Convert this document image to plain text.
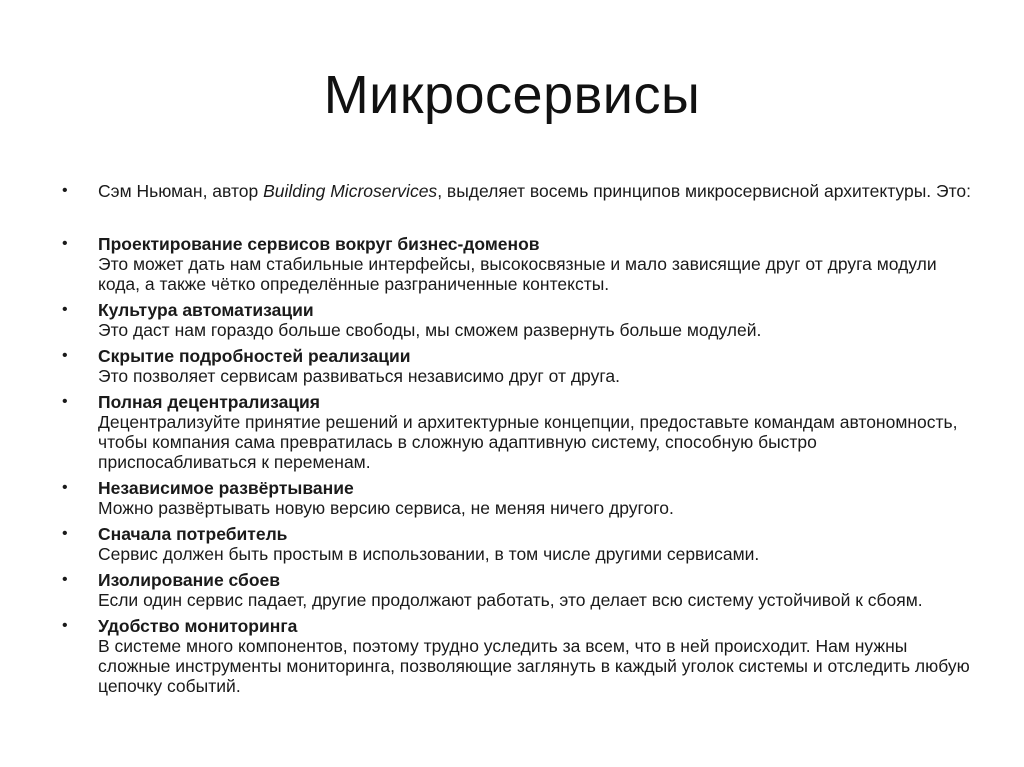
Микросервисы
• Сэм Ньюман, автор Building Microservices, выделяет восемь принципов микросервисной архитектуры. Это:
• Проектирование сервисов вокруг бизнес-доменов
Это может дать нам стабильные интерфейсы, высокосвязные и мало зависящие друг от друга модули кода, а также чётко определённые разграниченные контексты.
• Культура автоматизации
Это даст нам гораздо больше свободы, мы сможем развернуть больше модулей.
• Скрытие подробностей реализации
Это позволяет сервисам развиваться независимо друг от друга.
• Полная децентрализация
Децентрализуйте принятие решений и архитектурные концепции, предоставьте командам автономность, чтобы компания сама превратилась в сложную адаптивную систему, способную быстро приспосабливаться к переменам.
• Независимое развёртывание
Можно развёртывать новую версию сервиса, не меняя ничего другого.
• Сначала потребитель
Сервис должен быть простым в использовании, в том числе другими сервисами.
• Изолирование сбоев
Если один сервис падает, другие продолжают работать, это делает всю систему устойчивой к сбоям.
• Удобство мониторинга
В системе много компонентов, поэтому трудно уследить за всем, что в ней происходит. Нам нужны сложные инструменты мониторинга, позволяющие заглянуть в каждый уголок системы и отследить любую цепочку событий.
